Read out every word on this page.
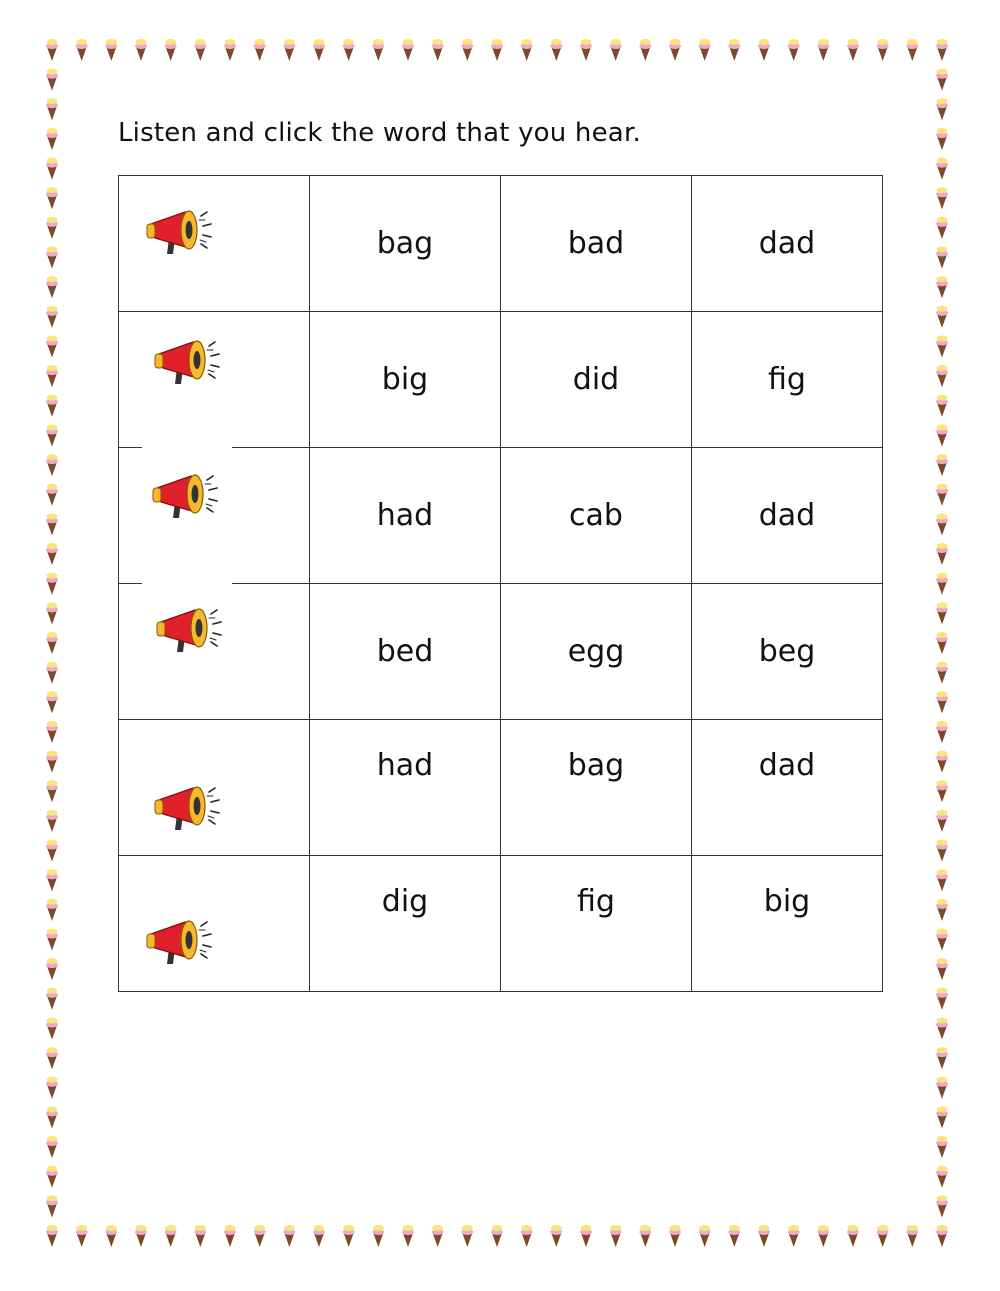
Listen and click the word that you hear.
	bag	bad	dad

	big	did	fig

	had	cab	dad

	bed	egg	beg

	had	bag	dad

	dig	fig	big
